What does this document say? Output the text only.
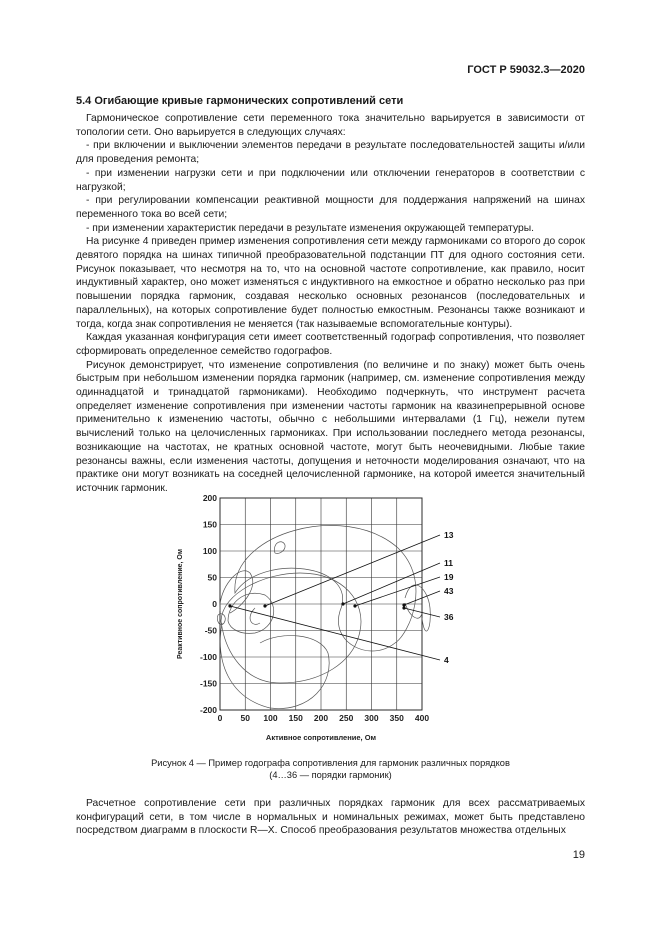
ГОСТ Р 59032.3—2020
5.4 Огибающие кривые гармонических сопротивлений сети

Гармоническое сопротивление сети переменного тока значительно варьируется в зависимости от топологии сети. Оно варьируется в следующих случаях:

- при включении и выключении элементов передачи в результате последовательностей защиты и/или для проведения ремонта;

- при изменении нагрузки сети и при подключении или отключении генераторов в соответствии с нагрузкой;

- при регулировании компенсации реактивной мощности для поддержания напряжений на шинах переменного тока во всей сети;

- при изменении характеристик передачи в результате изменения окружающей температуры.

На рисунке 4 приведен пример изменения сопротивления сети между гармониками со второго до сорок девятого порядка на шинах типичной преобразовательной подстанции ПТ для одного состояния сети. Рисунок показывает, что несмотря на то, что на основной частоте сопротивление, как правило, носит индуктивный характер, оно может изменяться с индуктивного на емкостное и обратно несколько раз при повышении порядка гармоник, создавая несколько основных резонансов (последовательных и параллельных), на которых сопротивление будет полностью емкостным. Резонансы также возникают и тогда, когда знак сопротивления не меняется (так называемые вспомогательные контуры).

Каждая указанная конфигурация сети имеет соответственный годограф сопротивления, что позволяет сформировать определенное семейство годографов.

Рисунок демонстрирует, что изменение сопротивления (по величине и по знаку) может быть очень быстрым при небольшом изменении порядка гармоник (например, см. изменение сопротивления между одиннадцатой и тринадцатой гармониками). Необходимо подчеркнуть, что инструмент расчета определяет изменение сопротивления при изменении частоты гармоник на квазинепрерывной основе применительно к изменению частоты, обычно с небольшими интервалами (1 Гц), нежели путем вычислений только на целочисленных гармониках. При использовании последнего метода резонансы, возникающие на частотах, не кратных основной частоте, могут быть неочевидными. Любые такие резонансы важны, если изменения частоты, допущения и неточности моделирования означают, что на практике они могут возникать на соседней целочисленной гармонике, на которой имеется значительный источник гармоник.

0 50 100 150 200 250 300 350 400
200
150
100
50
0
-50
-100
-150
-200
Активное сопротивление, Ом
Реактивное сопротивление, Ом
13
11
19
43
36
4
Рисунок 4 — Пример годографа сопротивления для гармоник различных порядков
(4…36 — порядки гармоник)

Расчетное сопротивление сети при различных порядках гармоник для всех рассматриваемых конфигураций сети, в том числе в нормальных и номинальных режимах, может быть представлено посредством диаграмм в плоскости R—X. Способ преобразования результатов множества отдельных

19
